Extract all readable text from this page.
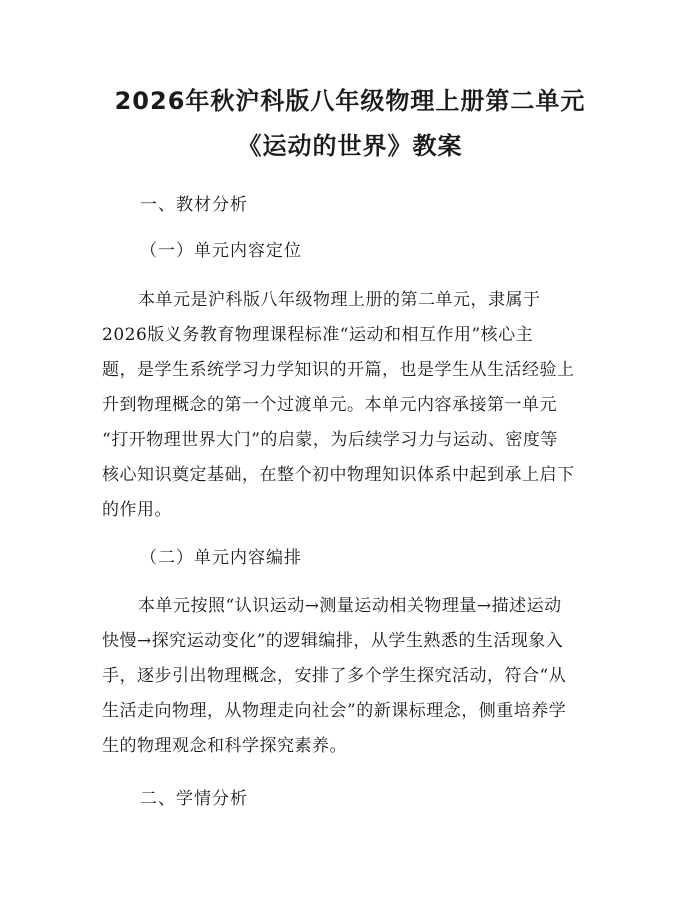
2026年秋沪科版八年级物理上册第二单元
《运动的世界》教案
一、教材分析
（一）单元内容定位
本单元是沪科版八年级物理上册的第二单元，隶属于
2026版义务教育物理课程标准“运动和相互作用”核心主
题，是学生系统学习力学知识的开篇，也是学生从生活经验上
升到物理概念的第一个过渡单元。本单元内容承接第一单元
“打开物理世界大门”的启蒙，为后续学习力与运动、密度等
核心知识奠定基础，在整个初中物理知识体系中起到承上启下
的作用。
（二）单元内容编排
本单元按照“认识运动→测量运动相关物理量→描述运动
快慢→探究运动变化”的逻辑编排，从学生熟悉的生活现象入
手，逐步引出物理概念，安排了多个学生探究活动，符合“从
生活走向物理，从物理走向社会”的新课标理念，侧重培养学
生的物理观念和科学探究素养。
二、学情分析
